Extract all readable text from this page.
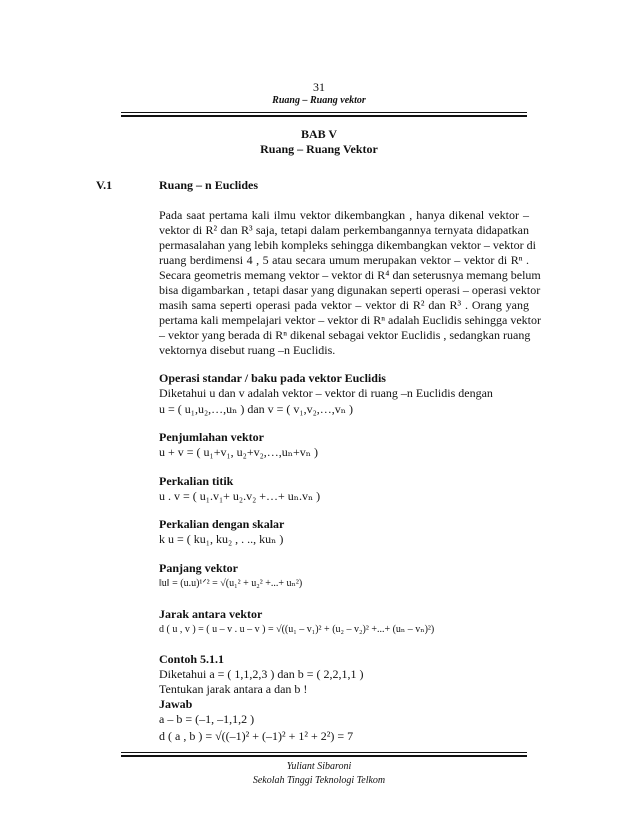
31
Ruang – Ruang vektor
BAB V
Ruang – Ruang Vektor
V.1	Ruang – n Euclides
Pada saat pertama kali ilmu vektor dikembangkan , hanya dikenal vektor –
vektor di R² dan R³ saja, tetapi dalam perkembangannya ternyata didapatkan
permasalahan yang lebih kompleks sehingga dikembangkan vektor – vektor di
ruang berdimensi 4 , 5 atau secara umum merupakan vektor – vektor di Rⁿ .
Secara geometris memang vektor – vektor di R⁴ dan seterusnya memang belum
bisa digambarkan , tetapi dasar yang digunakan seperti operasi – operasi vektor
masih sama seperti operasi pada vektor – vektor di R² dan R³ . Orang yang
pertama kali mempelajari vektor – vektor di Rⁿ adalah Euclidis sehingga vektor
– vektor yang berada di Rⁿ dikenal sebagai vektor Euclidis , sedangkan ruang
vektornya disebut ruang –n Euclidis.
Operasi standar / baku pada vektor Euclidis
Diketahui u dan v adalah vektor – vektor di ruang –n Euclidis dengan
u = ( u₁,u₂,…,uₙ ) dan v = ( v₁,v₂,…,vₙ )
Penjumlahan vektor
u + v = ( u₁+v₁, u₂+v₂,…,uₙ+vₙ )
Perkalian titik
u . v = ( u₁.v₁+ u₂.v₂ +…+ uₙ.vₙ )
Perkalian dengan skalar
k u = ( ku₁, ku₂ , . .., kuₙ )
Panjang vektor
‖u‖ = (u.u)¹ᐟ² = √(u₁² + u₂² +...+ uₙ²)
Jarak antara vektor
d ( u , v ) = ( u – v . u – v ) = √((u₁ – v₁)² + (u₂ – v₂)² +...+ (uₙ – vₙ)²)
Contoh 5.1.1
Diketahui a = ( 1,1,2,3 ) dan b = ( 2,2,1,1 )
Tentukan jarak antara a dan b !
Jawab
a – b = (–1, –1,1,2 )
d ( a , b ) = √((–1)² + (–1)² + 1² + 2²) = 7
Yuliant Sibaroni
Sekolah Tinggi Teknologi Telkom
